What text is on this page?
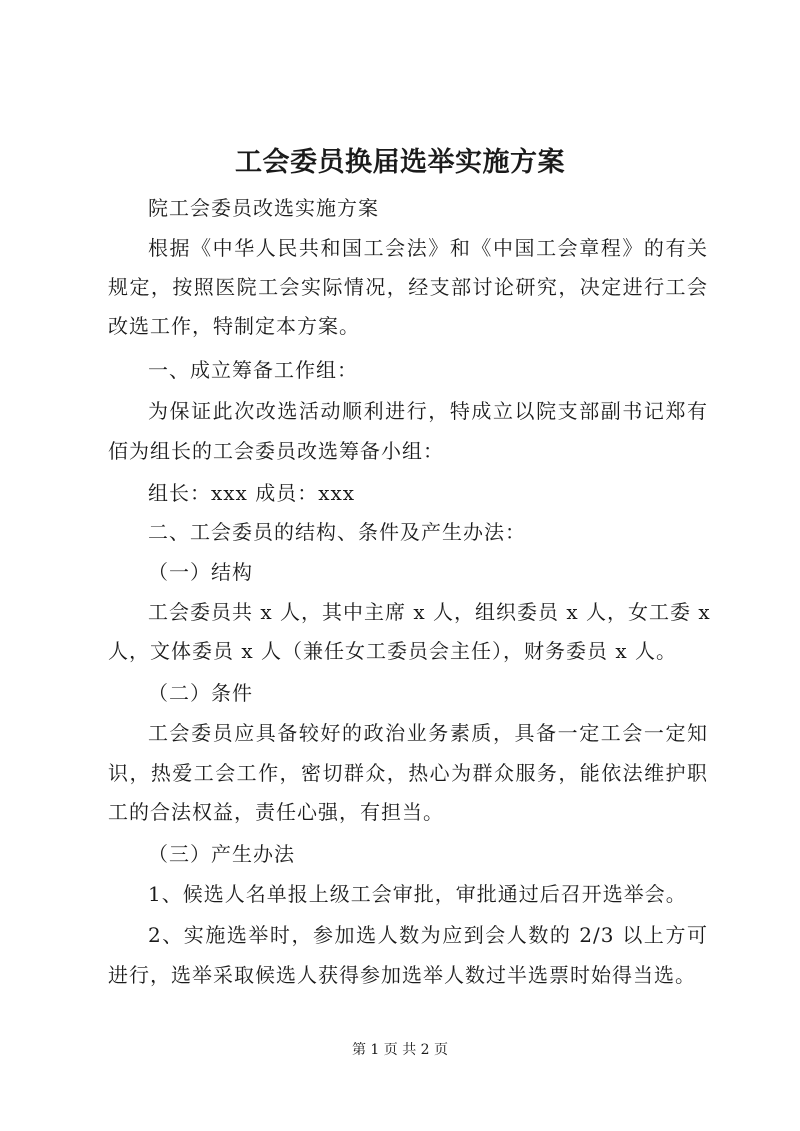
工会委员换届选举实施方案
院工会委员改选实施方案
根据《中华人民共和国工会法》和《中国工会章程》的有关
规定，按照医院工会实际情况，经支部讨论研究，决定进行工会
改选工作，特制定本方案。
一、成立筹备工作组：
为保证此次改选活动顺利进行，特成立以院支部副书记郑有
佰为组长的工会委员改选筹备小组：
组长：xxx 成员：xxx
二、工会委员的结构、条件及产生办法：
（一）结构
工会委员共 x 人，其中主席 x 人，组织委员 x 人，女工委 x
人，文体委员 x 人（兼任女工委员会主任），财务委员 x 人。
（二）条件
工会委员应具备较好的政治业务素质，具备一定工会一定知
识，热爱工会工作，密切群众，热心为群众服务，能依法维护职
工的合法权益，责任心强，有担当。
（三）产生办法
1、候选人名单报上级工会审批，审批通过后召开选举会。
2、实施选举时，参加选人数为应到会人数的 2/3 以上方可
进行，选举采取候选人获得参加选举人数过半选票时始得当选。
第 1 页 共 2 页
